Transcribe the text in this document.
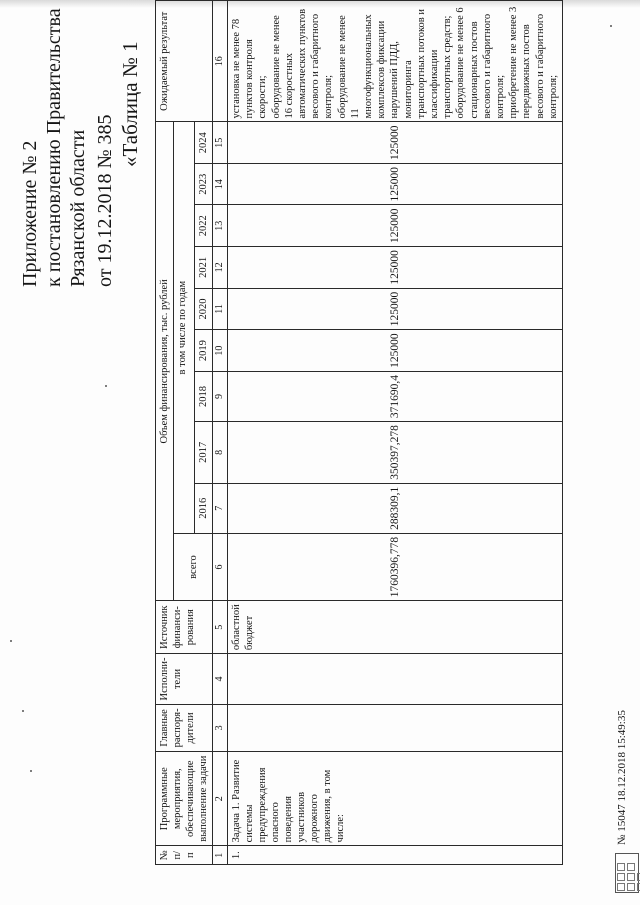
Приложение № 2 к постановлению Правительства Рязанской области от 19.12.2018 № 385
«Таблица № 1
№ п/п	Программные мероприятия, обеспечивающие выполнение задачи	Главные распоря-дители	Исполни-тели	Источник финанси-рования	Объем финансирования, тыс. рублей										Ожидаемый результат
					всего	в том числе по годам									
						2016	2017	2018	2019	2020	2021	2022	2023	2024	
1	2	3	4	5	6	7	8	9	10	11	12	13	14	15	16
1.	Задача 1. Развитие системы предупреждения опасного поведения участников дорожного движения, в том числе:			областной бюджет	1760396,778	288309,1	350397,278	371690,4	125000	125000	125000	125000	125000	125000	установка не менее 78 пунктов контроля скорости;
оборудование не менее 16 скоростных автоматических пунктов весового и габаритного контроля;
оборудование не менее 11 многофункциональных комплексов фиксации нарушений ПДД, мониторинга транспортных потоков и классификации транспортных средств;
оборудование не менее 6 стационарных постов весового и габаритного контроля;
приобретение не менее 3 передвижных постов весового и габаритного контроля;
№ 15047 18.12.2018 15:49:35
